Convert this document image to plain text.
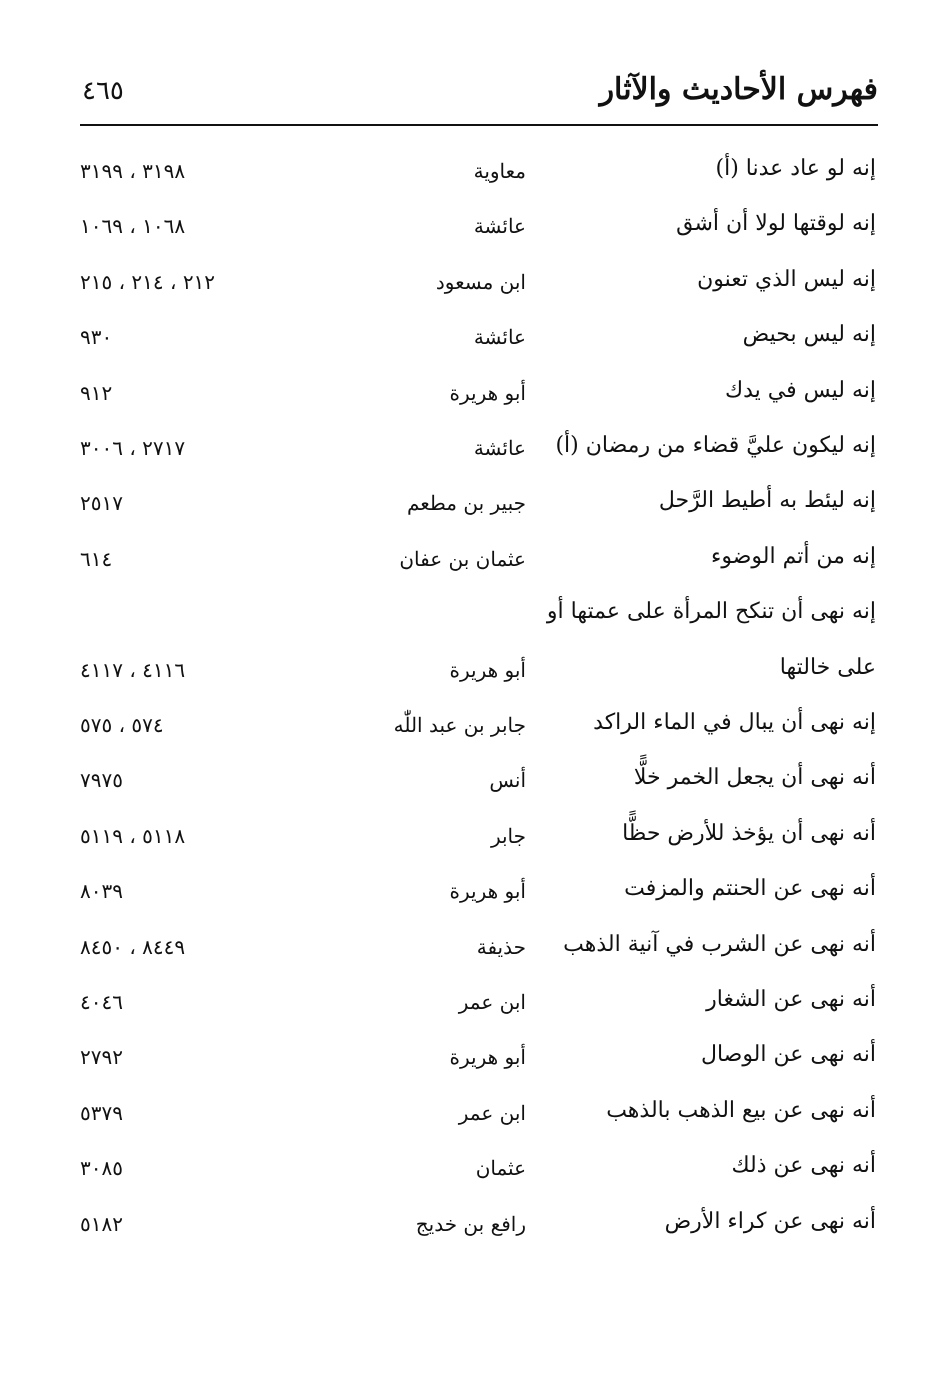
فهرس الأحاديث والآثار
٤٦٥
إنه لو عاد عدنا (أ)
معاوية
٣١٩٨ ، ٣١٩٩
إنه لوقتها لولا أن أشق
عائشة
١٠٦٨ ، ١٠٦٩
إنه ليس الذي تعنون
ابن مسعود
٢١٢ ، ٢١٤ ، ٢١٥
إنه ليس بحيض
عائشة
٩٣٠
إنه ليس في يدك
أبو هريرة
٩١٢
إنه ليكون عليَّ قضاء من رمضان (أ)
عائشة
٢٧١٧ ، ٣٠٠٦
إنه ليئط به أطيط الرَّحل
جبير بن مطعم
٢٥١٧
إنه من أتم الوضوء
عثمان بن عفان
٦١٤
إنه نهى أن تنكح المرأة على عمتها أو
على خالتها
أبو هريرة
٤١١٦ ، ٤١١٧
إنه نهى أن يبال في الماء الراكد
جابر بن عبد اللّٰه
٥٧٤ ، ٥٧٥
أنه نهى أن يجعل الخمر خلًّا
أنس
٧٩٧٥
أنه نهى أن يؤخذ للأرض حظًّا
جابر
٥١١٨ ، ٥١١٩
أنه نهى عن الحنتم والمزفت
أبو هريرة
٨٠٣٩
أنه نهى عن الشرب في آنية الذهب
حذيفة
٨٤٤٩ ، ٨٤٥٠
أنه نهى عن الشغار
ابن عمر
٤٠٤٦
أنه نهى عن الوصال
أبو هريرة
٢٧٩٢
أنه نهى عن بيع الذهب بالذهب
ابن عمر
٥٣٧٩
أنه نهى عن ذلك
عثمان
٣٠٨٥
أنه نهى عن كراء الأرض
رافع بن خديج
٥١٨٢
